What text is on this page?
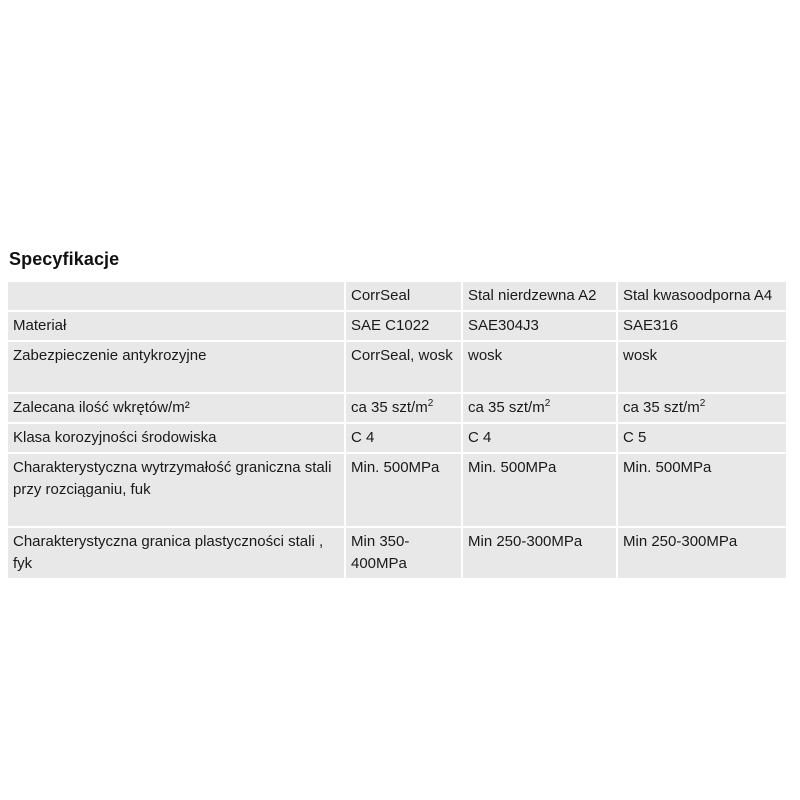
Specyfikacje
	CorrSeal	Stal nierdzewna A2	Stal kwasoodporna A4
Materiał	SAE C1022	SAE304J3	SAE316
Zabezpieczenie antykrozyjne	CorrSeal, wosk	wosk	wosk
Zalecana ilość wkrętów/m²	ca 35 szt/$m^2$	ca 35 szt/$m^2$	ca 35 szt/$m^2$
Klasa korozyjności środowiska	C 4	C 4	C 5

Charakterystyczna wytrzymałość graniczna stali
przy rozciąganiu, fuk	Min. 500MPa	Min. 500MPa	Min. 500MPa
Charakterystyczna granica plastyczności stali , fyk	Min 350-400MPa	Min 250-300MPa	Min 250-300MPa
